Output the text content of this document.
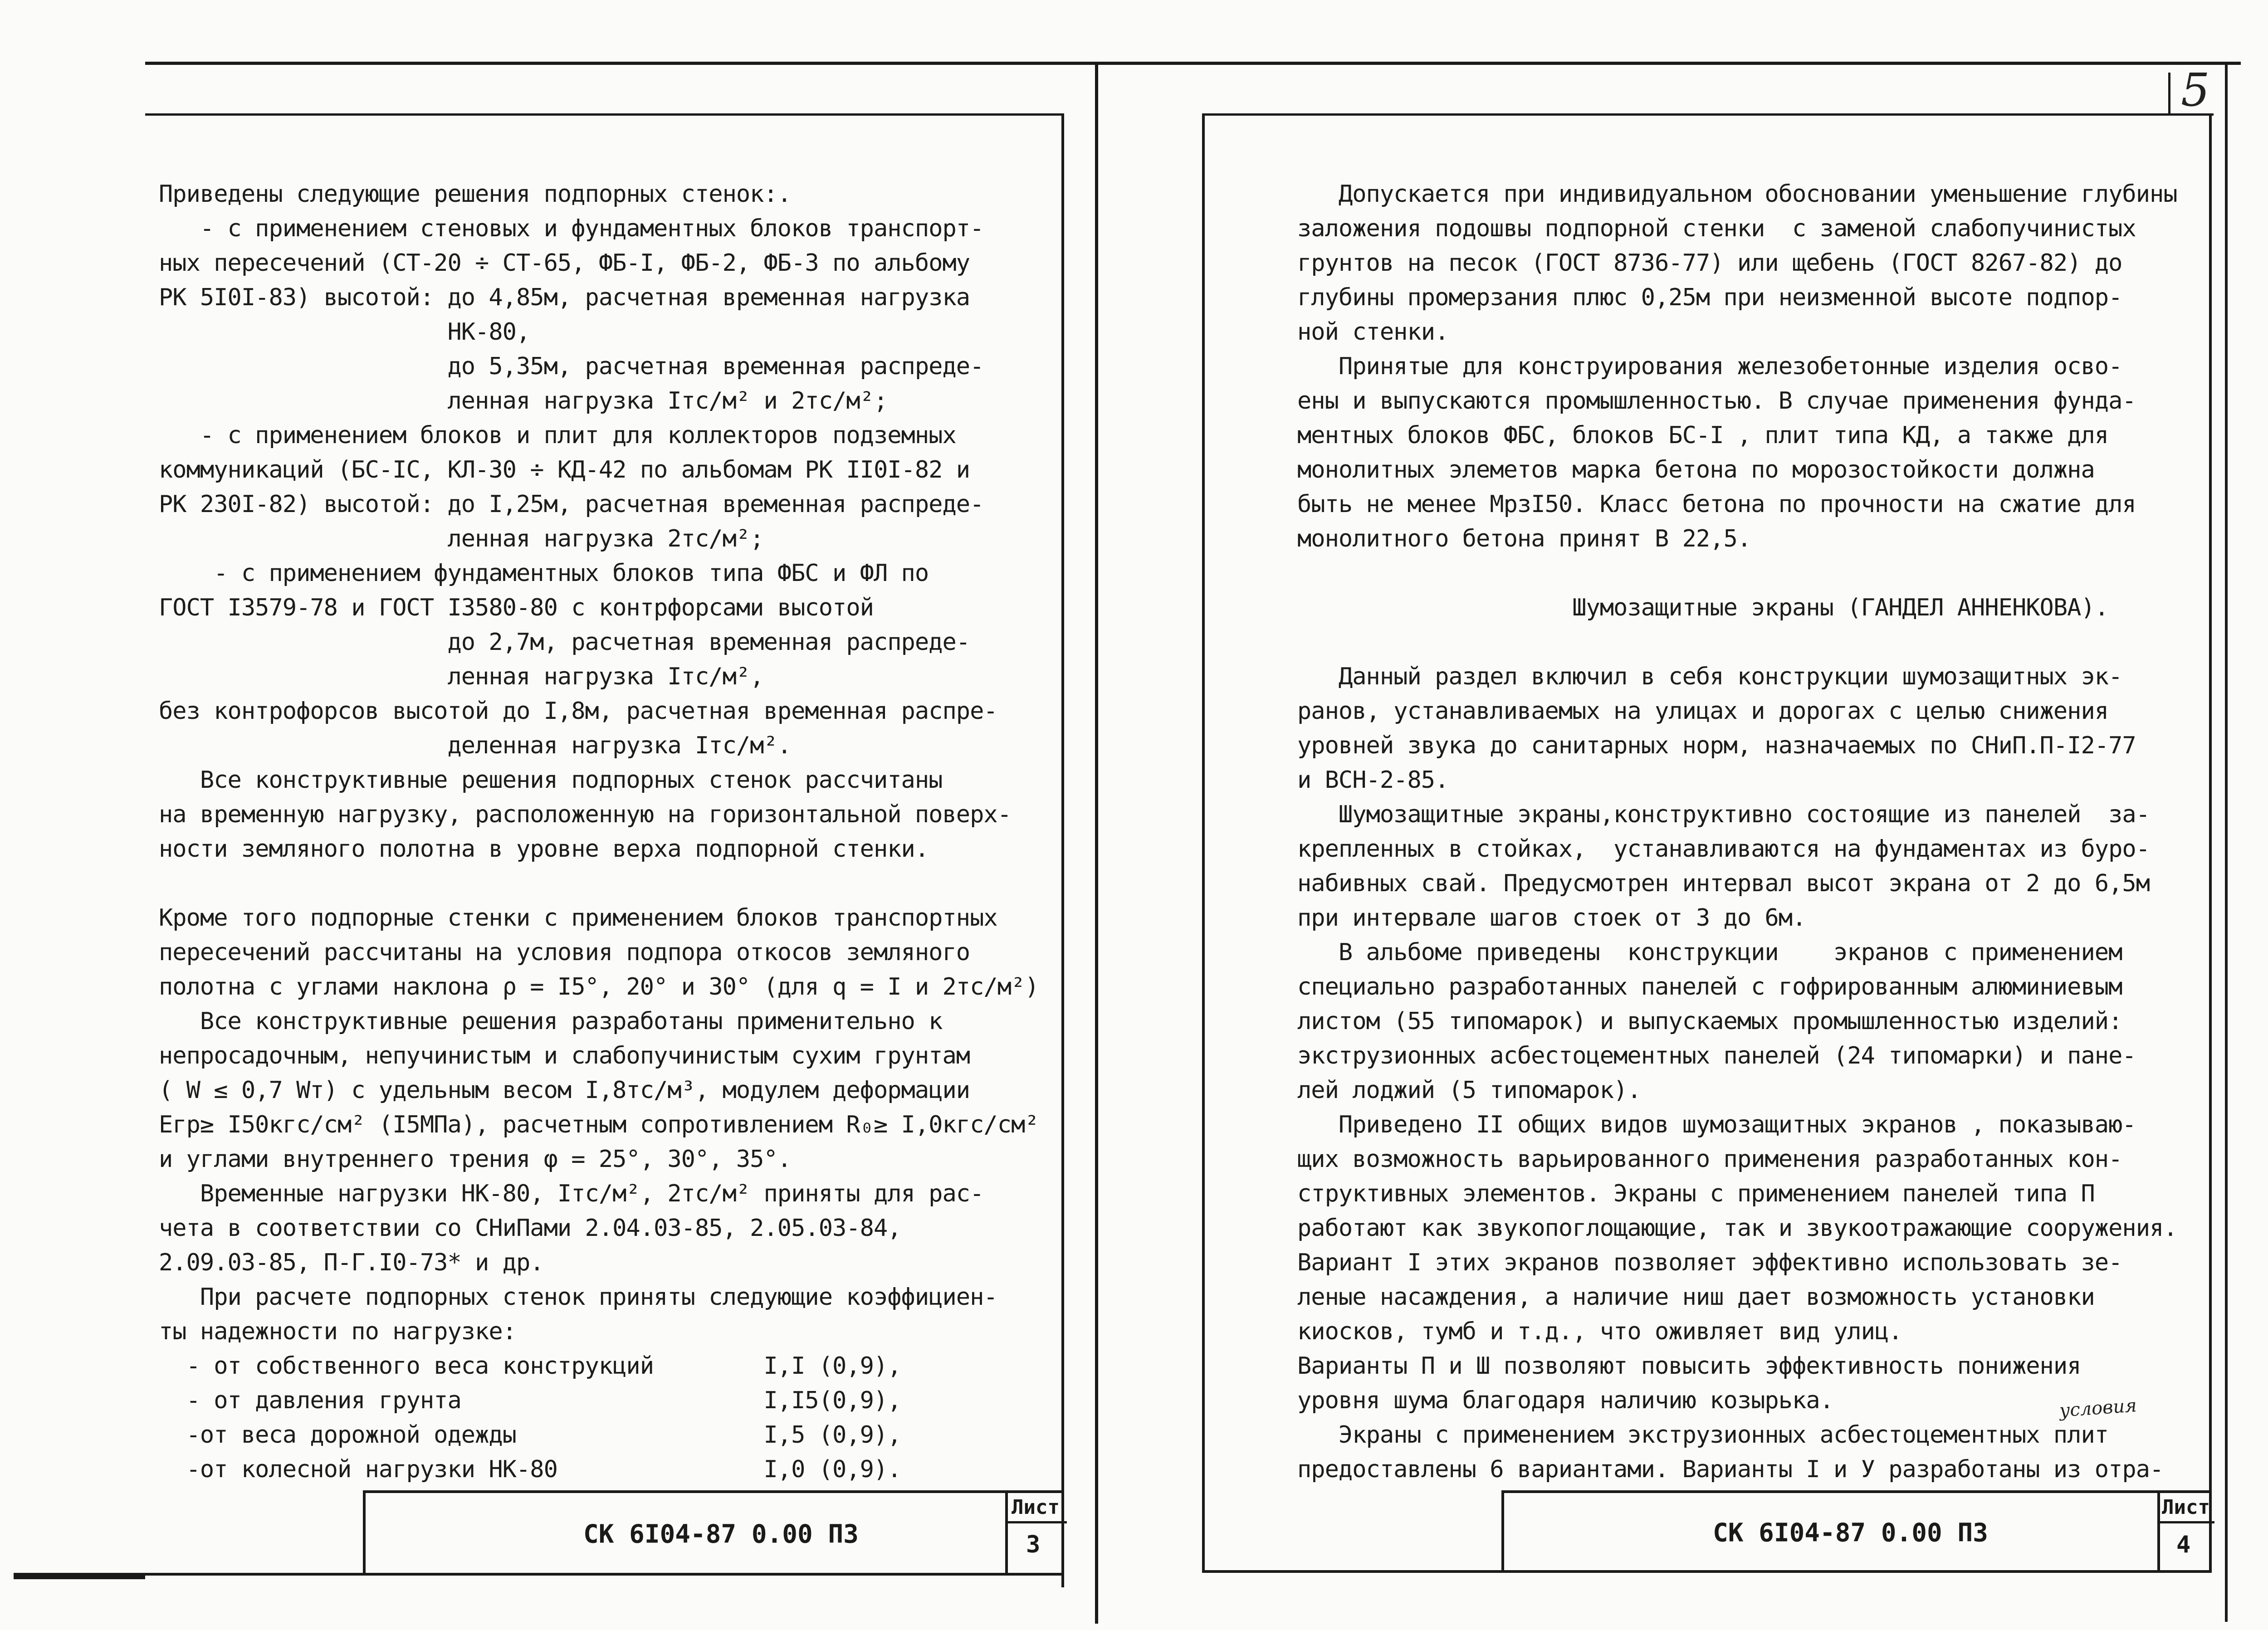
Приведены следующие решения подпорных стенок:.

- с применением стеновых и фундаментных блоков транспорт-

ных пересечений (СТ-20 ÷ СТ-65, ФБ-I, ФБ-2, ФБ-3 по альбому

РК 5I0I-83) высотой: до 4,85м, расчетная временная нагрузка

НК-80,

до 5,35м, расчетная временная распреде-

ленная нагрузка Iтс/м² и 2тс/м²;

- с применением блоков и плит для коллекторов подземных

коммуникаций (БС-IС, КЛ-30 ÷ КД-42 по альбомам РК II0I-82 и

РК 230I-82) высотой: до I,25м, расчетная временная распреде-

ленная нагрузка 2тс/м²;

- с применением фундаментных блоков типа ФБС и ФЛ по

ГОСТ I3579-78 и ГОСТ I3580-80 с контрфорсами высотой

до 2,7м, расчетная временная распреде-

ленная нагрузка Iтс/м²,

без контрофорсов высотой до I,8м, расчетная временная распре-

деленная нагрузка Iтс/м².

Все конструктивные решения подпорных стенок рассчитаны

на временную нагрузку, расположенную на горизонтальной поверх-

ности земляного полотна в уровне верха подпорной стенки.

Кроме того подпорные стенки с применением блоков транспортных

пересечений рассчитаны на условия подпора откосов земляного

полотна с углами наклона ρ = I5°, 20° и 30° (для q = I и 2тс/м²)

Все конструктивные решения разработаны применительно к

непросадочным, непучинистым и слабопучинистым сухим грунтам

( W ≤ 0,7 Wт) с удельным весом I,8тс/м³, модулем деформации

Eгр≥ I50кгс/см² (I5МПа), расчетным сопротивлением R₀≥ I,0кгс/см²

и углами внутреннего трения φ = 25°, 30°, 35°.

Временные нагрузки НК-80, Iтс/м², 2тс/м² приняты для рас-

чета в соответствии со СНиПами 2.04.03-85, 2.05.03-84,

2.09.03-85, П-Г.I0-73* и др.

При расчете подпорных стенок приняты следующие коэффициен-

ты надежности по нагрузке:

- от собственного веса конструкций        I,I (0,9),

- от давления грунта                      I,I5(0,9),

-от веса дорожной одежды                  I,5 (0,9),

-от колесной нагрузки НК-80               I,0 (0,9).

СК 6I04-87 0.00 ПЗ
Лист
3
5

Допускается при индивидуальном обосновании уменьшение глубины

заложения подошвы подпорной стенки  с заменой слабопучинистых

грунтов на песок (ГОСТ 8736-77) или щебень (ГОСТ 8267-82) до

глубины промерзания плюс 0,25м при неизменной высоте подпор-

ной стенки.

Принятые для конструирования железобетонные изделия осво-

ены и выпускаются промышленностью. В случае применения фунда-

ментных блоков ФБС, блоков БС-I , плит типа КД, а также для

монолитных элеметов марка бетона по морозостойкости должна

быть не менее МрзI50. Класс бетона по прочности на сжатие для

монолитного бетона принят В 22,5.

Шумозащитные экраны (ГАНДЕЛ АННЕНКОВА).

Данный раздел включил в себя конструкции шумозащитных эк-

ранов, устанавливаемых на улицах и дорогах с целью снижения

уровней звука до санитарных норм, назначаемых по СНиП.П-I2-77

и ВСН-2-85.

Шумозащитные экраны,конструктивно состоящие из панелей  за-

крепленных в стойках,  устанавливаются на фундаментах из буро-

набивных свай. Предусмотрен интервал высот экрана от 2 до 6,5м

при интервале шагов стоек от 3 до 6м.

В альбоме приведены  конструкции    экранов с применением

специально разработанных панелей с гофрированным алюминиевым

листом (55 типомарок) и выпускаемых промышленностью изделий:

экструзионных асбестоцементных панелей (24 типомарки) и пане-

лей лоджий (5 типомарок).

Приведено II общих видов шумозащитных экранов , показываю-

щих возможность варьированного применения разработанных кон-

структивных элементов. Экраны с применением панелей типа П

работают как звукопоглощающие, так и звукоотражающие сооружения.

Вариант I этих экранов позволяет эффективно использовать зе-

леные насаждения, а наличие ниш дает возможность установки

киосков, тумб и т.д., что оживляет вид улиц.

Варианты П и Ш позволяют повысить эффективность понижения

уровня шума благодаря наличию козырька.

Экраны с применением экструзионных асбестоцементных плит

предоставлены 6 вариантами. Варианты I и У разработаны из отра-

условия
СК 6I04-87 0.00 ПЗ
Лист
4
